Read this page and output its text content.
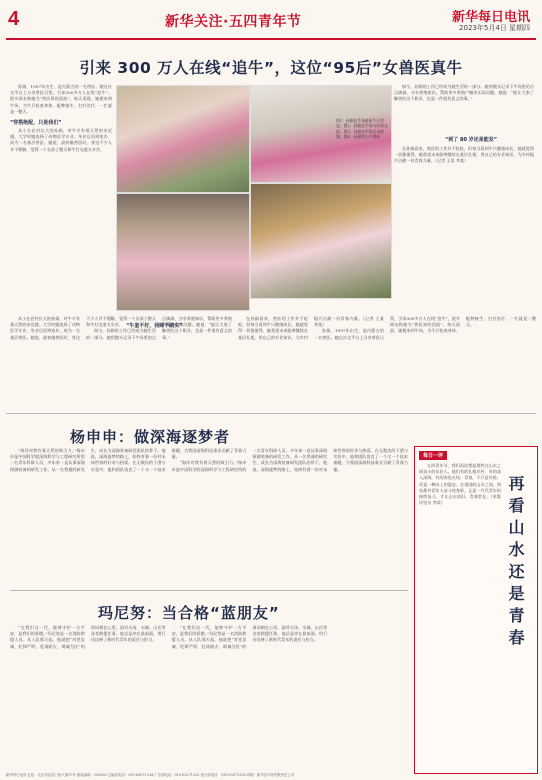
4	新华关注·五四青年节	新华每日电讯
2023年5月4日 星期四
引来 300 万人在线“追牛”，这位“95后”女兽医真牛

孙娟，1997年出生，是内蒙古的一名兽医。她在社交平台上分享兽医日常，引来300多万人在线“追牛”，很多网友称她为“兽医界的顶流”。每天清晨，她便来到牛场，为牛只检查身体、配种接生、打针治疗，一忙就是一整天。

“穿搭绝配，只是我们”

从小在农村长大的孙娟，对牛羊有着天然的亲近感。大学时她选择了动物医学专业，毕业后回到家乡，成为一名基层兽医。她说，最初做兽医时，身边不少人并不理解，觉得一个女孩子整天和牛打交道太辛苦。

图1：孙娟在牛场查看牛只状态；图2：孙娟在牛场与同事交流；图3：孙娟在牛场记录视频；图4：孙娟给小牛喂奶

如今，孙娟的工作已经成为她生活的一部分。她用镜头记录下牛场里的点点滴滴，分享养殖知识，帮助更多养殖户解决实际问题。她说：“能让大家了解兽医这个职业，也是一件很有意义的事。”

“到了 80 岁还是能发”

在孙娟看来，兽医的工作并不轻松，但每当看到牛只健康成长，她就觉得一切都值得。她希望未来能够继续在基层扎根，用自己的专业知识，为乡村振兴贡献一份青春力量。（记者 王某 李某）

“牛羞不好，我睡不踏实”

从小在农村长大的孙娟，对牛羊有着天然的亲近感。大学时她选择了动物医学专业，毕业后回到家乡，成为一名基层兽医。她说，最初做兽医时，身边不少人并不理解，觉得一个女孩子整天和牛打交道太辛苦。

如今，孙娟的工作已经成为她生活的一部分。她用镜头记录下牛场里的点点滴滴，分享养殖知识，帮助更多养殖户解决实际问题。她说：“能让大家了解兽医这个职业，也是一件很有意义的事。”

在孙娟看来，兽医的工作并不轻松，但每当看到牛只健康成长，她就觉得一切都值得。她希望未来能够继续在基层扎根，用自己的专业知识，为乡村振兴贡献一份青春力量。（记者 王某 李某）

孙娟，1997年出生，是内蒙古的一名兽医。她在社交平台上分享兽医日常，引来300多万人在线“追牛”，很多网友称她为“兽医界的顶流”。每天清晨，她便来到牛场，为牛只检查身体、配种接生、打针治疗，一忙就是一整天。

杨申申：做深海逐梦者

“海洋对我有着天然的吸引力。”杨申申是中国科学院深海科学与工程研究所的一名青年科研人员，多年来一直从事深海探测装备的研发工作。从一名普通的研究生，成长为深海装备研发团队的骨干，他说，深海逐梦的路上，始终有着一份对未知世界的好奇与热爱。在无数次的下潜与实验中，他和团队攻克了一个又一个技术难题，为我国深海科技事业贡献了青春力量。

“海洋对我有着天然的吸引力。”杨申申是中国科学院深海科学与工程研究所的一名青年科研人员，多年来一直从事深海探测装备的研发工作。从一名普通的研究生，成长为深海装备研发团队的骨干，他说，深海逐梦的路上，始终有着一份对未知世界的好奇与热爱。在无数次的下潜与实验中，他和团队攻克了一个又一个技术难题，为我国深海科技事业贡献了青春力量。

玛尼努：当合格“蓝朋友”

“在我们这一代，能够守护一方平安，是我们的骄傲。”玛尼努是一名消防救援人员。从入队那天起，他就把“对党忠诚、纪律严明、赴汤蹈火、竭诚为民”的训词刻在心里。面对火场、水域、山岳等各类救援任务，他总是冲在最前面，用行动诠释了新时代青年的责任与担当。

“在我们这一代，能够守护一方平安，是我们的骄傲。”玛尼努是一名消防救援人员。从入队那天起，他就把“对党忠诚、纪律严明、赴汤蹈火、竭诚为民”的训词刻在心里。面对火场、水域、山岳等各类救援任务，他总是冲在最前面，用行动诠释了新时代青年的责任与担当。

每日一评

五四青年节，我们再次想起那些在山水之间奋斗的年轻人。他们有的扎根乡村，有的深入深海，有的奔赴火场。青春，不只是年龄，更是一种向上的姿态。在祖国的山水之间，到处都有青年人奋斗的身影。正是一代代青年的接续奋斗，才让山水依旧，青春常在。（本版评论员 李某）	再看山水还是青春
新华每日电讯 社址：北京市宣武门西大街57号 邮政编码：100803 总编室电话：010-63071234 广告部电话：010-63071235 发行部电话：010-63071236 印刷：新华社印务有限责任公司
